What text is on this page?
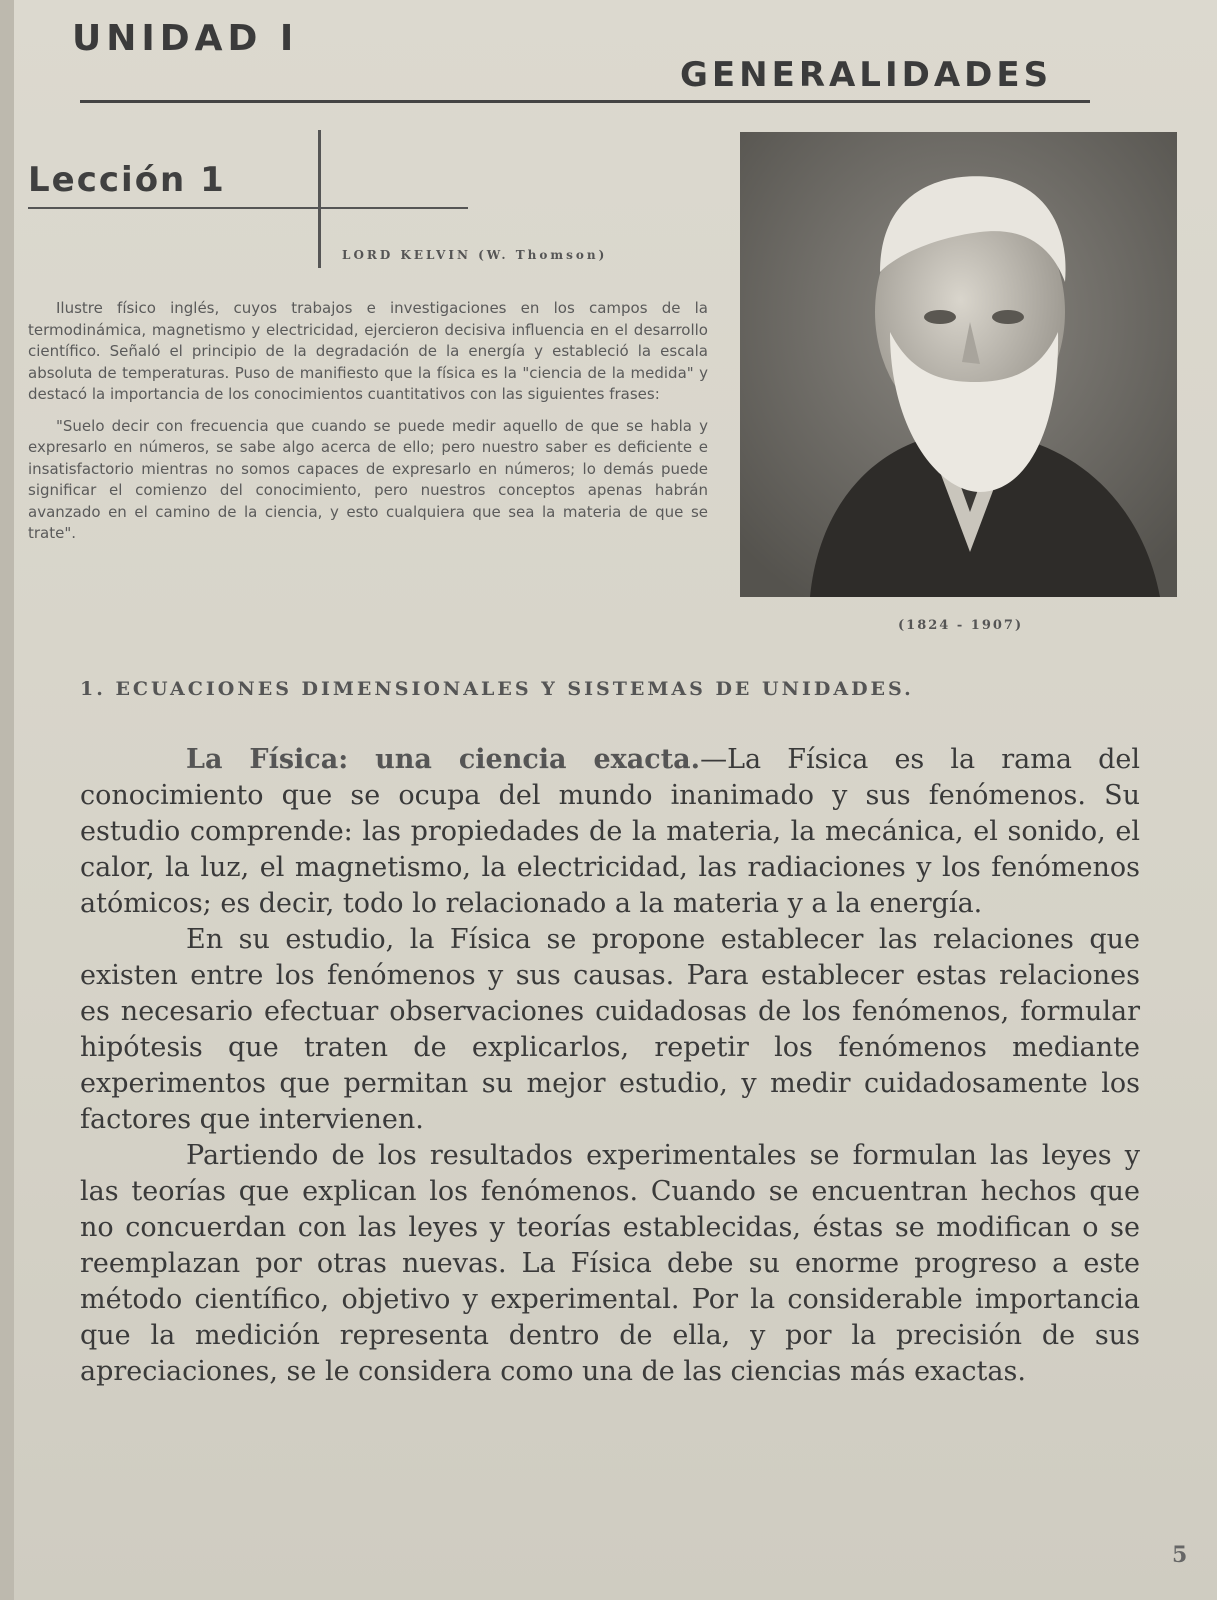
UNIDAD I
GENERALIDADES
Lección 1
LORD KELVIN (W. Thomson)

Ilustre físico inglés, cuyos trabajos e investigaciones en los campos de la termodinámica, magnetismo y electricidad, ejercieron decisiva influencia en el desarrollo científico. Señaló el principio de la degradación de la energía y estableció la escala absoluta de temperaturas. Puso de manifiesto que la física es la "ciencia de la medida" y destacó la importancia de los conocimientos cuantitativos con las siguientes frases:

"Suelo decir con frecuencia que cuando se puede medir aquello de que se habla y expresarlo en números, se sabe algo acerca de ello; pero nuestro saber es deficiente e insatisfactorio mientras no somos capaces de expresarlo en números; lo demás puede significar el comienzo del conocimiento, pero nuestros conceptos apenas habrán avanzado en el camino de la ciencia, y esto cualquiera que sea la materia de que se trate".

(1824 - 1907)
1. ECUACIONES DIMENSIONALES Y SISTEMAS DE UNIDADES.

La Física: una ciencia exacta.—La Física es la rama del conocimiento que se ocupa del mundo inanimado y sus fenómenos. Su estudio comprende: las propiedades de la materia, la mecánica, el sonido, el calor, la luz, el magnetismo, la electricidad, las radiaciones y los fenómenos atómicos; es decir, todo lo relacionado a la materia y a la energía.

En su estudio, la Física se propone establecer las relaciones que existen entre los fenómenos y sus causas. Para establecer estas relaciones es necesario efectuar observaciones cuidadosas de los fenómenos, formular hipótesis que traten de explicarlos, repetir los fenómenos mediante experimentos que permitan su mejor estudio, y medir cuidadosamente los factores que intervienen.

Partiendo de los resultados experimentales se formulan las leyes y las teorías que explican los fenómenos. Cuando se encuentran hechos que no concuerdan con las leyes y teorías establecidas, éstas se modifican o se reemplazan por otras nuevas. La Física debe su enorme progreso a este método científico, objetivo y experimental. Por la considerable importancia que la medición representa dentro de ella, y por la precisión de sus apreciaciones, se le considera como una de las ciencias más exactas.

5
